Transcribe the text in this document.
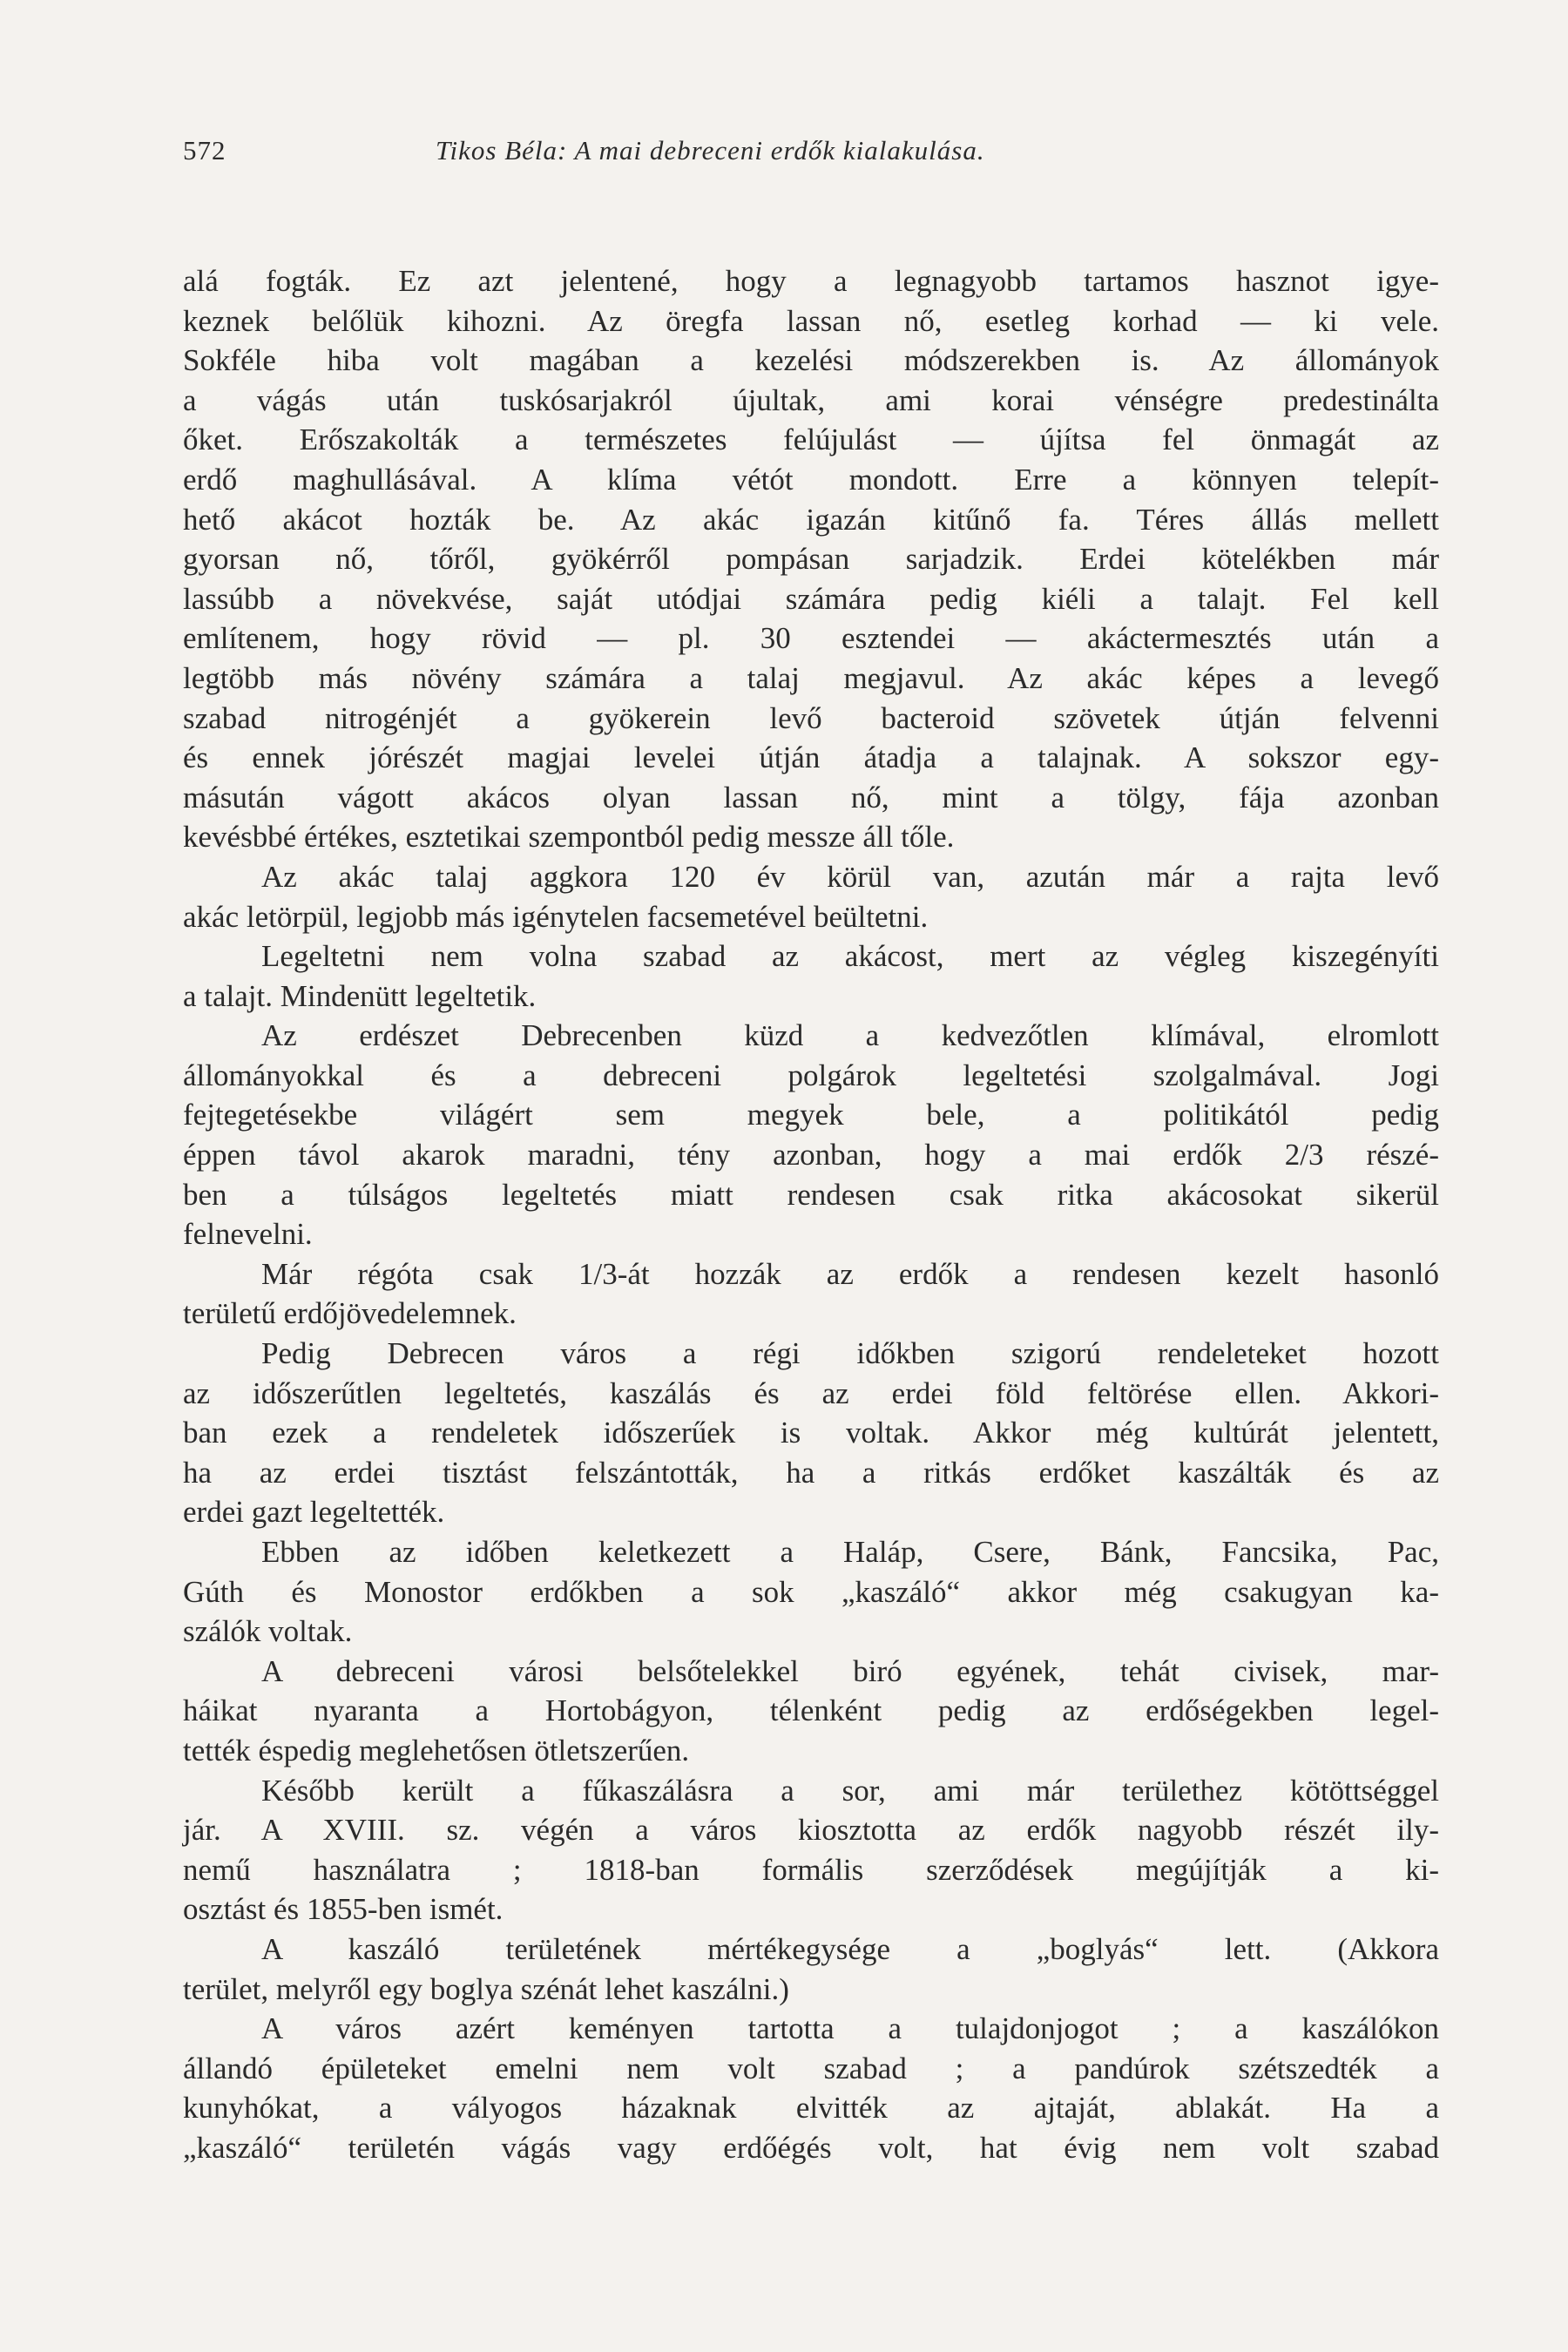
572	Tikos Béla: A mai debreceni erdők kialakulása.
alá fogták. Ez azt jelentené, hogy a legnagyobb tartamos hasznot igye-
keznek belőlük kihozni. Az öregfa lassan nő, esetleg korhad — ki vele.
Sokféle hiba volt magában a kezelési módszerekben is. Az állományok
a vágás után tuskósarjakról újultak, ami korai vénségre predestinálta
őket. Erőszakolták a természetes felújulást — újítsa fel önmagát az
erdő maghullásával. A klíma vétót mondott. Erre a könnyen telepít-
hető akácot hozták be. Az akác igazán kitűnő fa. Téres állás mellett
gyorsan nő, tőről, gyökérről pompásan sarjadzik. Erdei kötelékben már
lassúbb a növekvése, saját utódjai számára pedig kiéli a talajt. Fel kell
említenem, hogy rövid — pl. 30 esztendei — akáctermesztés után a
legtöbb más növény számára a talaj megjavul. Az akác képes a levegő
szabad nitrogénjét a gyökerein levő bacteroid szövetek útján felvenni
és ennek jórészét magjai levelei útján átadja a talajnak. A sokszor egy-
másután vágott akácos olyan lassan nő, mint a tölgy, fája azonban
kevésbbé értékes, esztetikai szempontból pedig messze áll tőle.
Az akác talaj aggkora 120 év körül van, azután már a rajta levő
akác letörpül, legjobb más igénytelen facsemetével beültetni.
Legeltetni nem volna szabad az akácost, mert az végleg kiszegényíti
a talajt. Mindenütt legeltetik.
Az erdészet Debrecenben küzd a kedvezőtlen klímával, elromlott
állományokkal és a debreceni polgárok legeltetési szolgalmával. Jogi
fejtegetésekbe világért sem megyek bele, a politikától pedig
éppen távol akarok maradni, tény azonban, hogy a mai erdők 2/3 részé-
ben a túlságos legeltetés miatt rendesen csak ritka akácosokat sikerül
felnevelni.
Már régóta csak 1/3-át hozzák az erdők a rendesen kezelt hasonló
területű erdőjövedelemnek.
Pedig Debrecen város a régi időkben szigorú rendeleteket hozott
az időszerűtlen legeltetés, kaszálás és az erdei föld feltörése ellen. Akkori-
ban ezek a rendeletek időszerűek is voltak. Akkor még kultúrát jelentett,
ha az erdei tisztást felszántották, ha a ritkás erdőket kaszálták és az
erdei gazt legeltették.
Ebben az időben keletkezett a Haláp, Csere, Bánk, Fancsika, Pac,
Gúth és Monostor erdőkben a sok „kaszáló“ akkor még csakugyan ka-
szálók voltak.
A debreceni városi belsőtelekkel biró egyének, tehát civisek, mar-
háikat nyaranta a Hortobágyon, télenként pedig az erdőségekben legel-
tették éspedig meglehetősen ötletszerűen.
Később került a fűkaszálásra a sor, ami már területhez kötöttséggel
jár. A XVIII. sz. végén a város kiosztotta az erdők nagyobb részét ily-
nemű használatra ; 1818-ban formális szerződések megújítják a ki-
osztást és 1855-ben ismét.
A kaszáló területének mértékegysége a „boglyás“ lett. (Akkora
terület, melyről egy boglya szénát lehet kaszálni.)
A város azért keményen tartotta a tulajdonjogot ; a kaszálókon
állandó épületeket emelni nem volt szabad ; a pandúrok szétszedték a
kunyhókat, a vályogos házaknak elvitték az ajtaját, ablakát. Ha a
„kaszáló“ területén vágás vagy erdőégés volt, hat évig nem volt szabad
